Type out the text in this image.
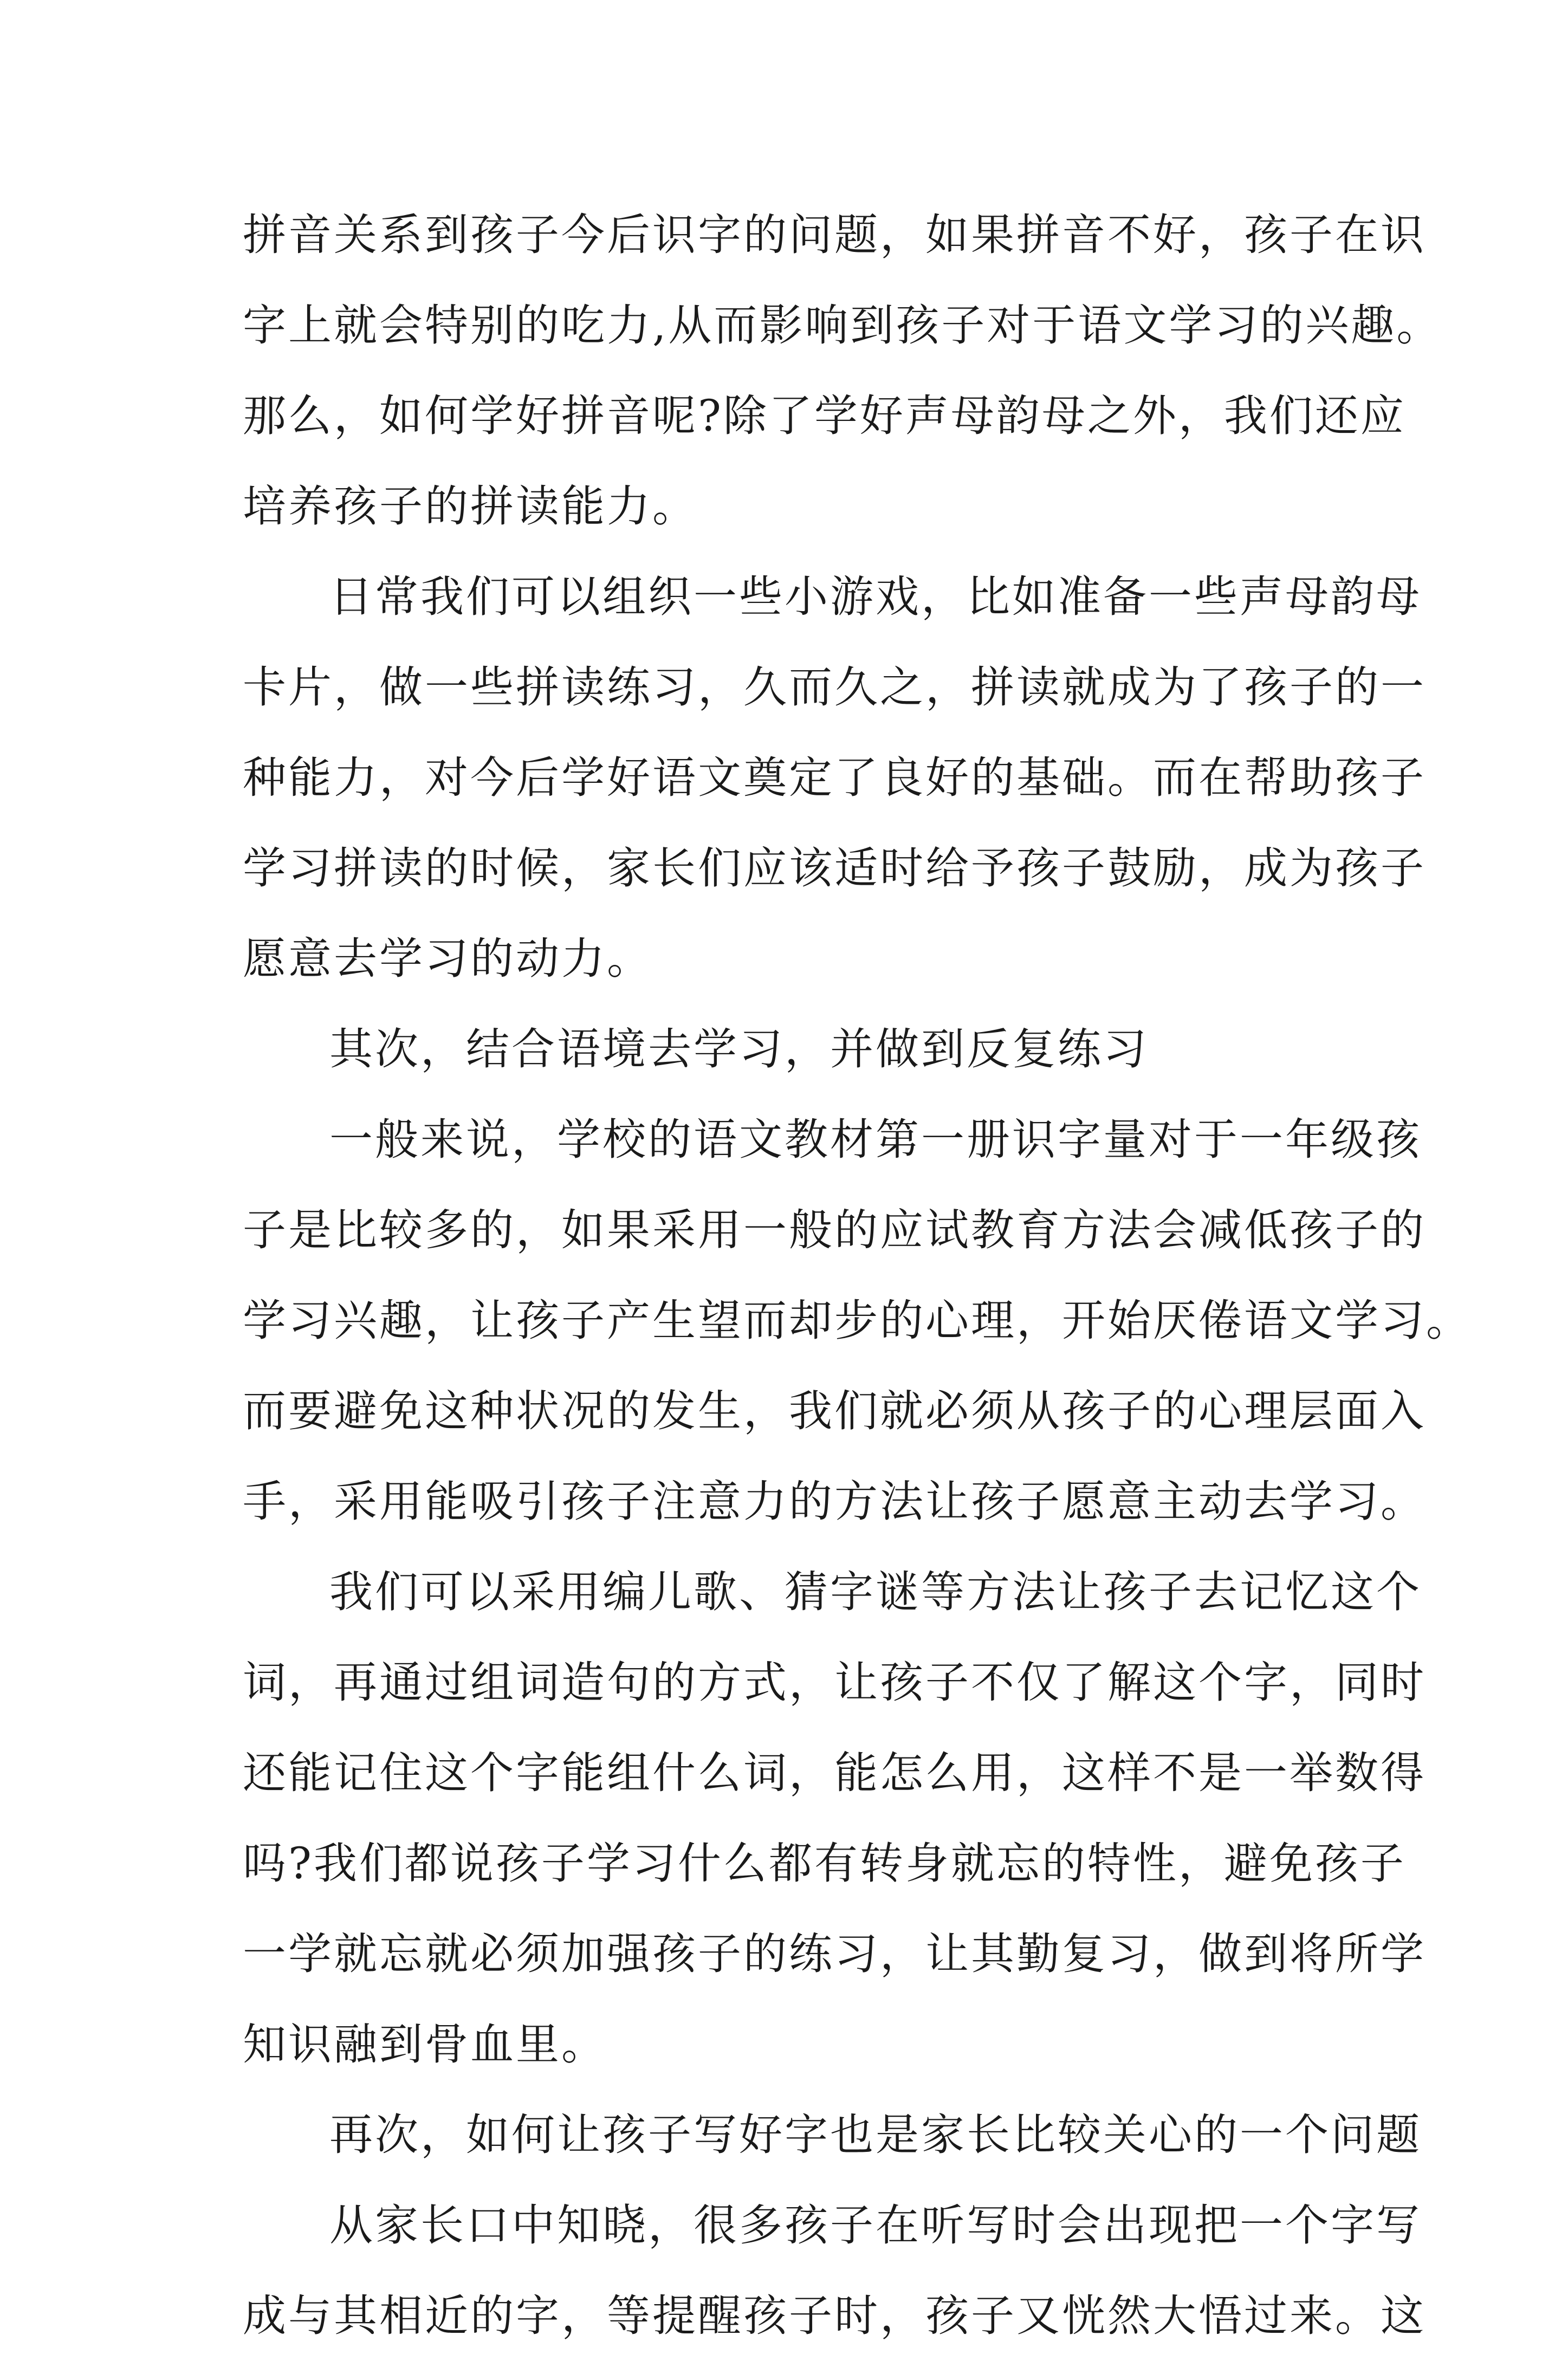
拼音关系到孩子今后识字的问题，如果拼音不好，孩子在识
字上就会特别的吃力,从而影响到孩子对于语文学习的兴趣。
那么，如何学好拼音呢?除了学好声母韵母之外，我们还应
培养孩子的拼读能力。
日常我们可以组织一些小游戏，比如准备一些声母韵母
卡片，做一些拼读练习，久而久之，拼读就成为了孩子的一
种能力，对今后学好语文奠定了良好的基础。而在帮助孩子
学习拼读的时候，家长们应该适时给予孩子鼓励，成为孩子
愿意去学习的动力。
其次，结合语境去学习，并做到反复练习
一般来说，学校的语文教材第一册识字量对于一年级孩
子是比较多的，如果采用一般的应试教育方法会减低孩子的
学习兴趣，让孩子产生望而却步的心理，开始厌倦语文学习。
而要避免这种状况的发生，我们就必须从孩子的心理层面入
手，采用能吸引孩子注意力的方法让孩子愿意主动去学习。
我们可以采用编儿歌、猜字谜等方法让孩子去记忆这个
词，再通过组词造句的方式，让孩子不仅了解这个字，同时
还能记住这个字能组什么词，能怎么用，这样不是一举数得
吗?我们都说孩子学习什么都有转身就忘的特性，避免孩子
一学就忘就必须加强孩子的练习，让其勤复习，做到将所学
知识融到骨血里。
再次，如何让孩子写好字也是家长比较关心的一个问题
从家长口中知晓，很多孩子在听写时会出现把一个字写
成与其相近的字，等提醒孩子时，孩子又恍然大悟过来。这
